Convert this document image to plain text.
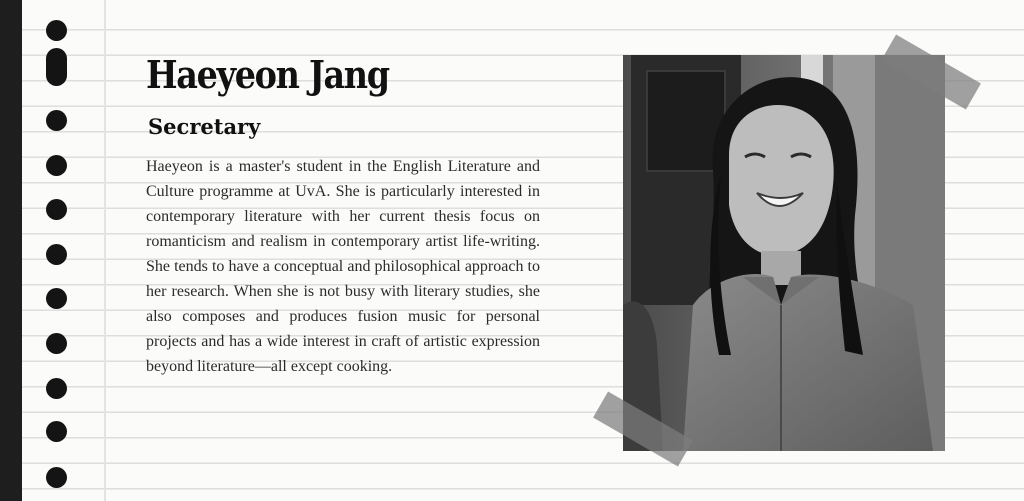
Haeyeon Jang
Secretary

Haeyeon is a master's student in the English Literature and Culture programme at UvA. She is particularly interested in contemporary literature with her current thesis focus on romanticism and realism in contemporary artist life-writing. She tends to have a conceptual and philosophical approach to her research. When she is not busy with literary studies, she also composes and produces fusion music for personal projects and has a wide interest in craft of artistic expression beyond literature—all except cooking.
